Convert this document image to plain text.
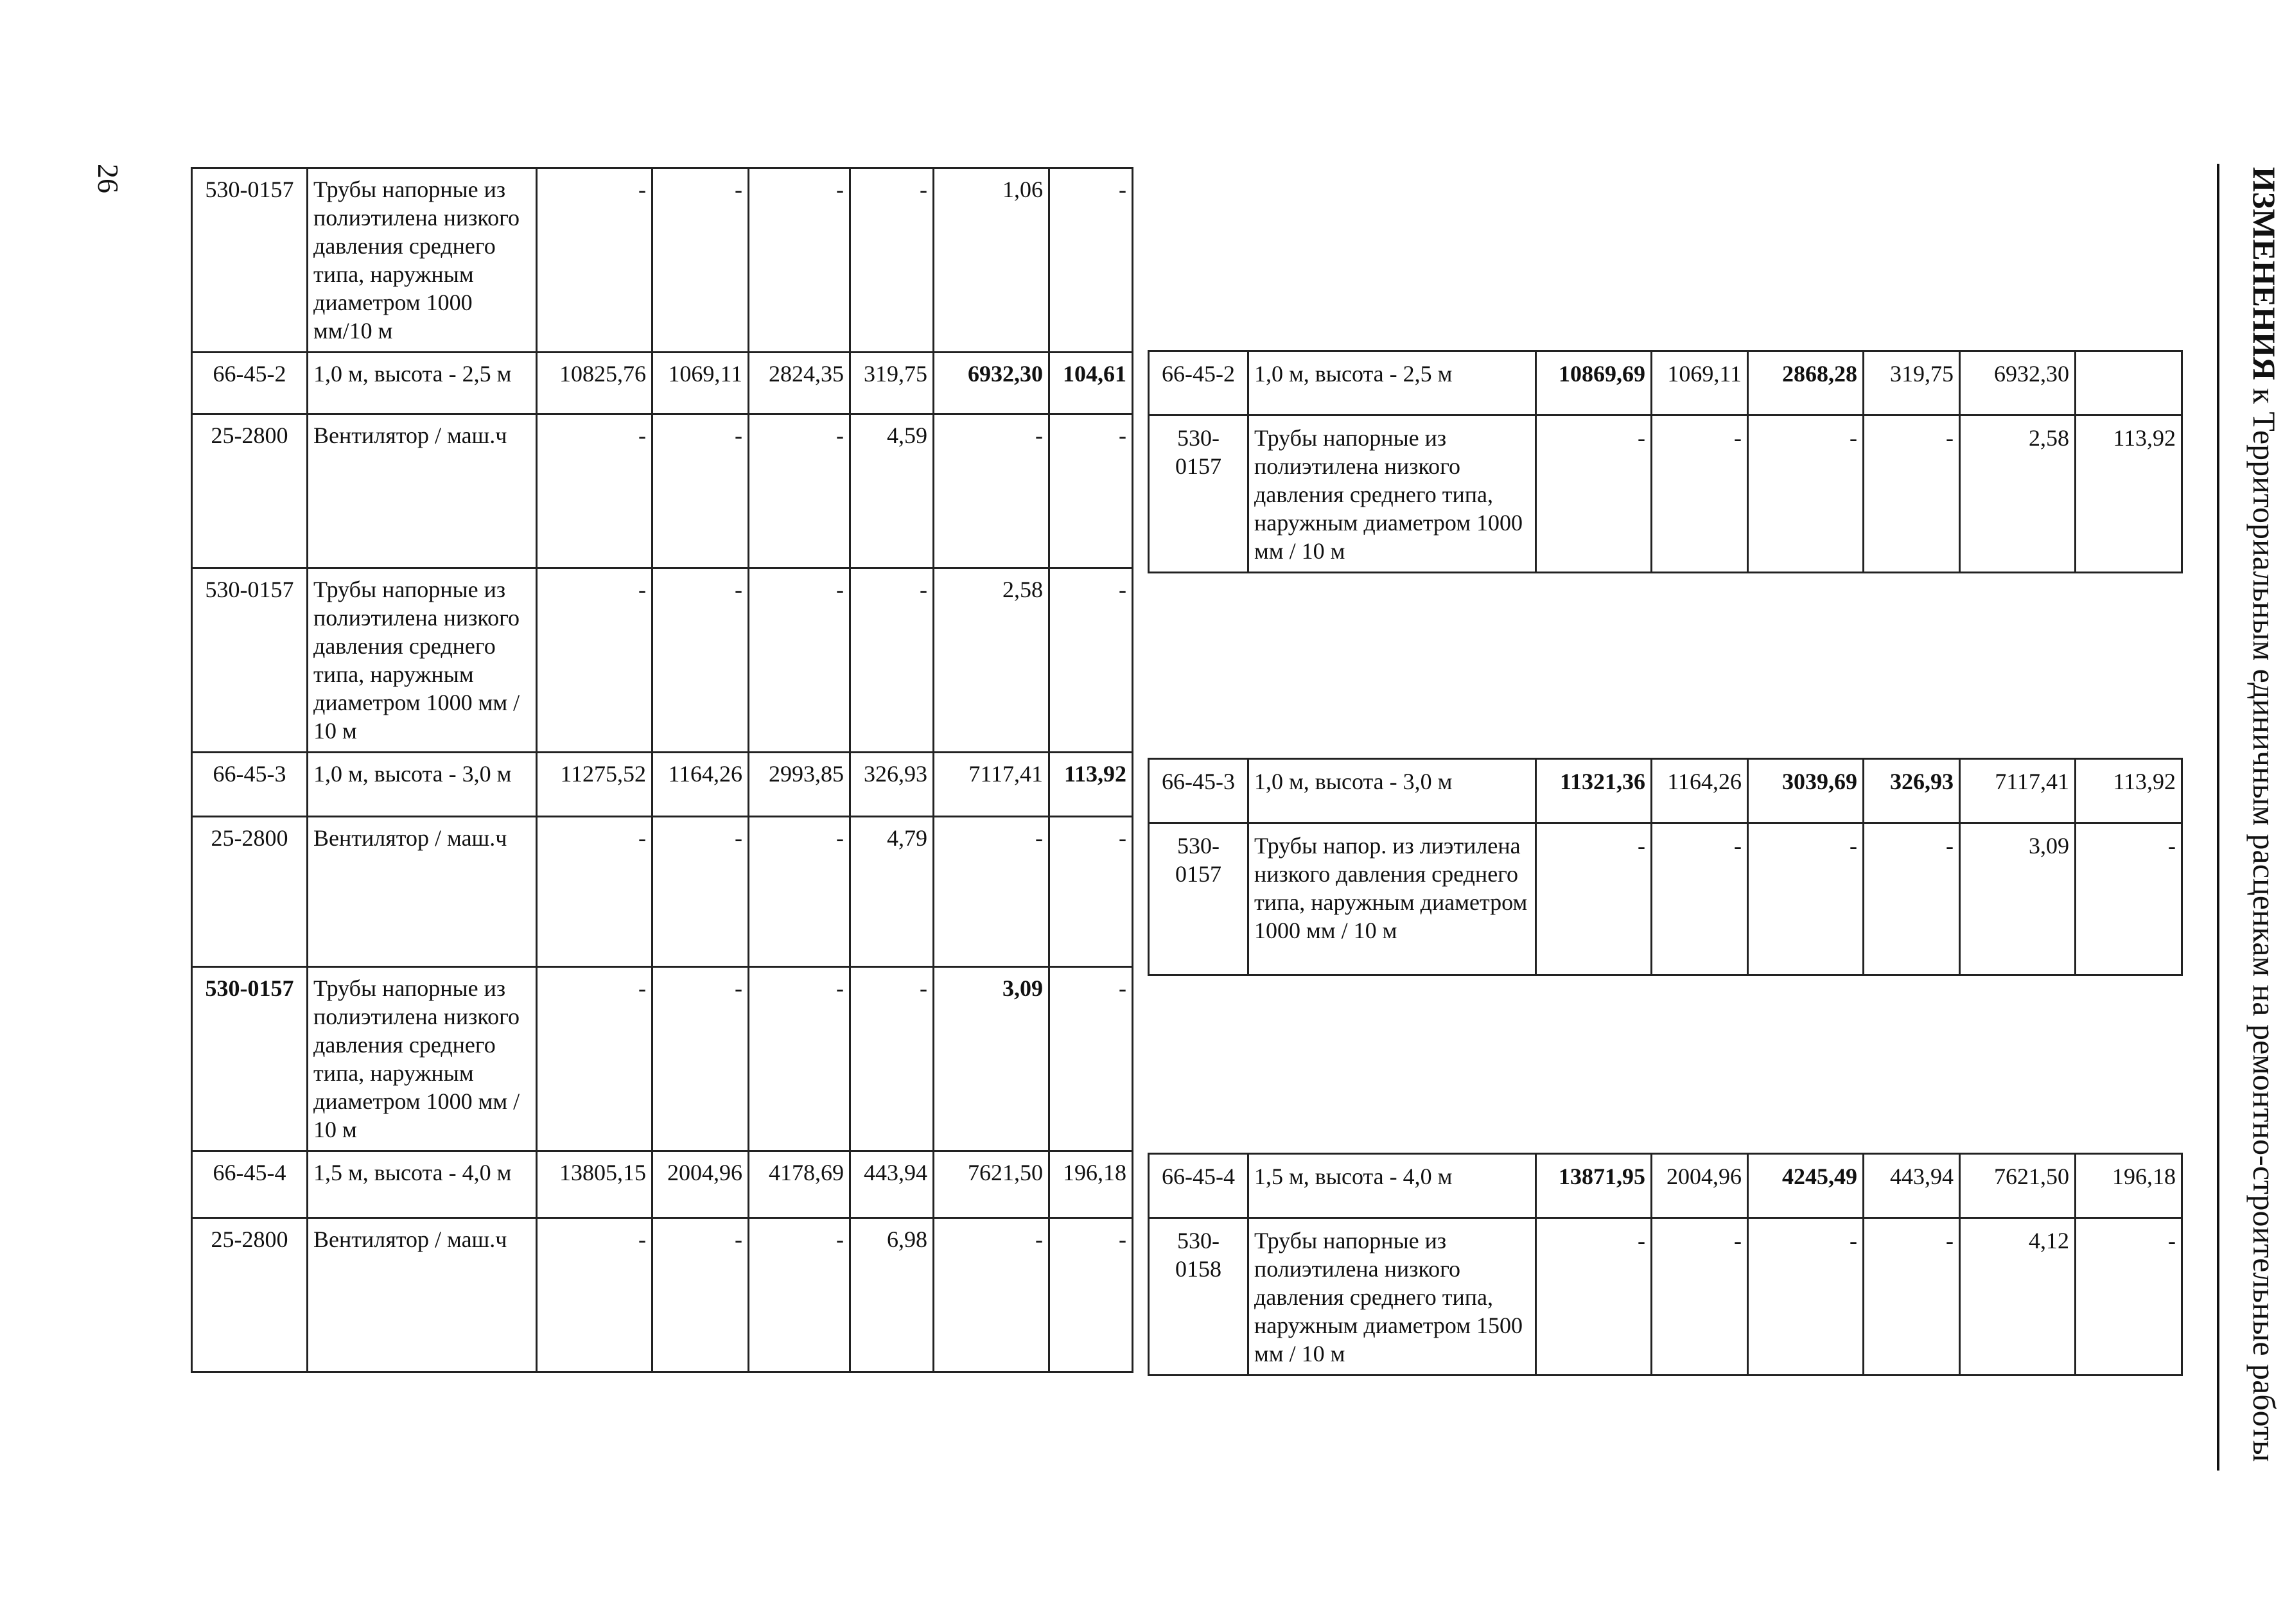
26	ИЗМЕНЕНИЯ к Территориальным единичным расценкам на ремонтно-строительные работы
530-0157	Трубы напорные из полиэтилена низкого давления среднего типа, наружным диаметром 1000 мм/10 м	-	-	-	-	1,06	-
66-45-2	1,0 м, высота - 2,5 м	10825,76	1069,11	2824,35	319,75	6932,30	104,61
25-2800	Вентилятор / маш.ч	-	-	-	4,59	-	-
530-0157	Трубы напорные из полиэтилена низкого давления среднего типа, наружным диаметром 1000 мм / 10 м	-	-	-	-	2,58	-
66-45-3	1,0 м, высота - 3,0 м	11275,52	1164,26	2993,85	326,93	7117,41	113,92
25-2800	Вентилятор / маш.ч	-	-	-	4,79	-	-
530-0157	Трубы напорные из полиэтилена низкого давления среднего типа, наружным диаметром 1000 мм / 10 м	-	-	-	-	3,09	-
66-45-4	1,5 м, высота - 4,0 м	13805,15	2004,96	4178,69	443,94	7621,50	196,18
25-2800	Вентилятор / маш.ч	-	-	-	6,98	-	-
66-45-2	1,0 м, высота - 2,5 м	10869,69	1069,11	2868,28	319,75	6932,30	
530-0157	Трубы напорные из полиэтилена низкого давления среднего типа, наружным диаметром 1000 мм / 10 м	-	-	-	-	2,58	113,92

66-45-3	1,0 м, высота - 3,0 м	11321,36	1164,26	3039,69	326,93	7117,41	113,92
530-0157	Трубы напор. из лиэтилена низкого давления среднего типа, наружным диаметром 1000 мм / 10 м	-	-	-	-	3,09	-

66-45-4	1,5 м, высота - 4,0 м	13871,95	2004,96	4245,49	443,94	7621,50	196,18
530-0158	Трубы напорные из полиэтилена низкого давления среднего типа, наружным диаметром 1500 мм / 10 м	-	-	-	-	4,12	-
